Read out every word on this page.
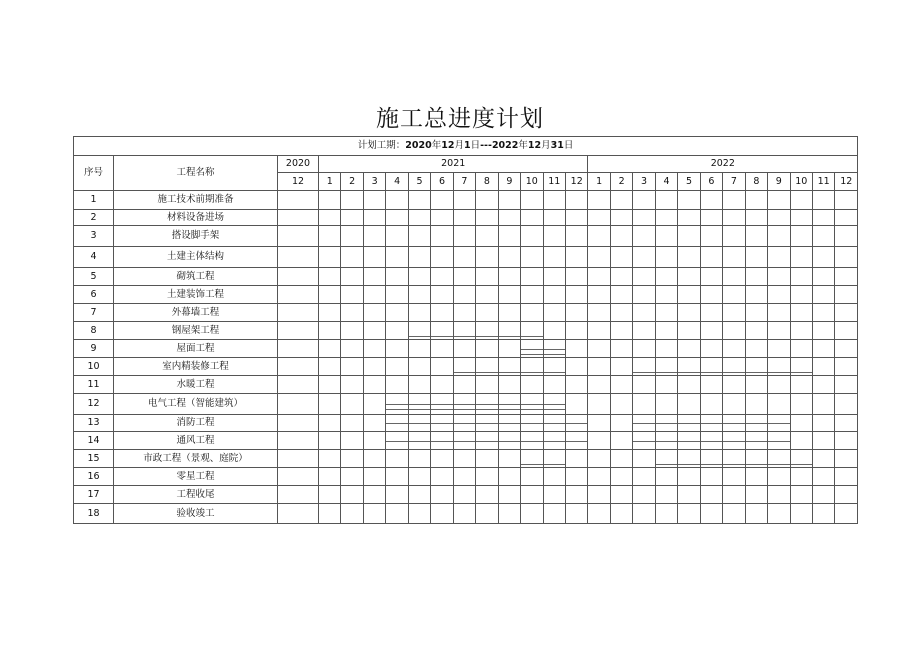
施工总进度计划
计划工期：2020年12月1日---2022年12月31日																										
序号	工程名称	2020	2021												2022											
		12	1	2	3	4	5	6	7	8	9	10	11	12	1	2	3	4	5	6	7	8	9	10	11	12
1	施工技术前期准备																									
2	材料设备进场																									
3	搭设脚手架																									
4	土建主体结构																									
5	砌筑工程																									
6	土建装饰工程																									
7	外幕墙工程																									
8	钢屋架工程						

9	屋面工程											

10	室内精装修工程								

11	水暖工程																									
12	电气工程（智能建筑）					

13	消防工程					

14	通风工程					

15	市政工程（景观、庭院）											

16	零星工程																									
17	工程收尾																									
18	验收竣工																									
